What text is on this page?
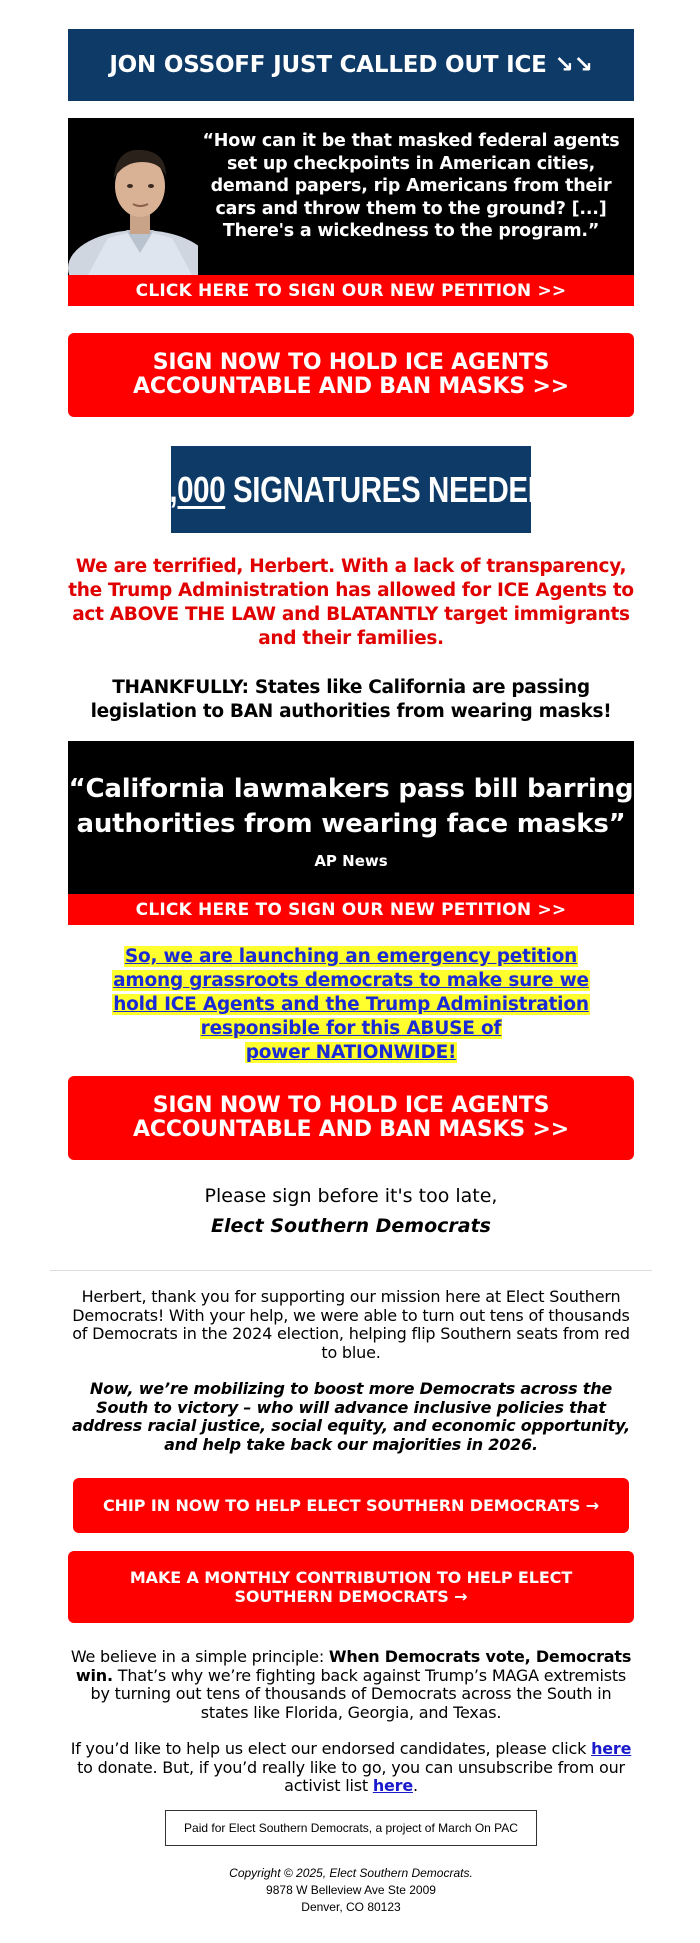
JON OSSOFF JUST CALLED OUT ICE ↘↘
“How can it be that masked federal agents set up checkpoints in American cities, demand papers, rip Americans from their cars and throw them to the ground? [...] There's a wickedness to the program.”
CLICK HERE TO SIGN OUR NEW PETITION >>
SIGN NOW TO HOLD ICE AGENTS
ACCOUNTABLE AND BAN MASKS >>
1,000 SIGNATURES NEEDED
We are terrified, Herbert. With a lack of transparency, the Trump Administration has allowed for ICE Agents to act ABOVE THE LAW and BLATANTLY target immigrants and their families.
THANKFULLY: States like California are passing legislation to BAN authorities from wearing masks!
“California lawmakers pass bill barring authorities from wearing face masks”
AP News
CLICK HERE TO SIGN OUR NEW PETITION >>
So, we are launching an emergency petition
among grassroots democrats to make sure we
hold ICE Agents and the Trump Administration
responsible for this ABUSE of
power NATIONWIDE!
SIGN NOW TO HOLD ICE AGENTS
ACCOUNTABLE AND BAN MASKS >>
Please sign before it's too late,
Elect Southern Democrats
Herbert, thank you for supporting our mission here at Elect Southern Democrats! With your help, we were able to turn out tens of thousands of Democrats in the 2024 election, helping flip Southern seats from red to blue.
Now, we’re mobilizing to boost more Democrats across the South to victory – who will advance inclusive policies that address racial justice, social equity, and economic opportunity, and help take back our majorities in 2026.
CHIP IN NOW TO HELP ELECT SOUTHERN DEMOCRATS →
MAKE A MONTHLY CONTRIBUTION TO HELP ELECT
SOUTHERN DEMOCRATS →
We believe in a simple principle: When Democrats vote, Democrats win. That’s why we’re fighting back against Trump’s MAGA extremists by turning out tens of thousands of Democrats across the South in states like Florida, Georgia, and Texas.
If you’d like to help us elect our endorsed candidates, please click here to donate. But, if you’d really like to go, you can unsubscribe from our activist list here.
Paid for Elect Southern Democrats, a project of March On PAC
Copyright © 2025, Elect Southern Democrats.
9878 W Belleview Ave Ste 2009
Denver, CO 80123
